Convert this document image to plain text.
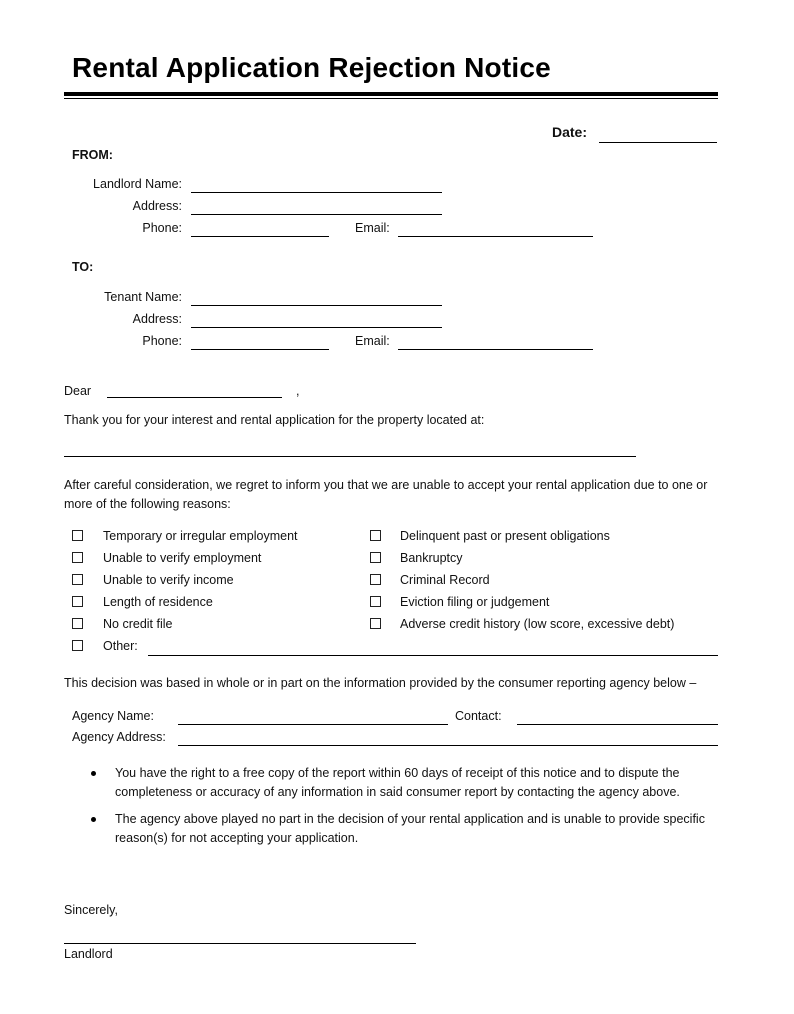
Rental Application Rejection Notice
Date:
FROM:
Landlord Name:
Address:
Phone:	Email:
TO:
Tenant Name:
Address:
Phone:	Email:
Dear	,
Thank you for your interest and rental application for the property located at:
After careful consideration, we regret to inform you that we are unable to accept your rental application due to one or more of the following reasons:
Temporary or irregular employment
Unable to verify employment
Unable to verify income
Length of residence
No credit file
Other:
Delinquent past or present obligations
Bankruptcy
Criminal Record
Eviction filing or judgement
Adverse credit history (low score, excessive debt)
This decision was based in whole or in part on the information provided by the consumer reporting agency below –
Agency Name:	Contact:
Agency Address:
You have the right to a free copy of the report within 60 days of receipt of this notice and to dispute the completeness or accuracy of any information in said consumer report by contacting the agency above.
The agency above played no part in the decision of your rental application and is unable to provide specific reason(s) for not accepting your application.
Sincerely,
Landlord
